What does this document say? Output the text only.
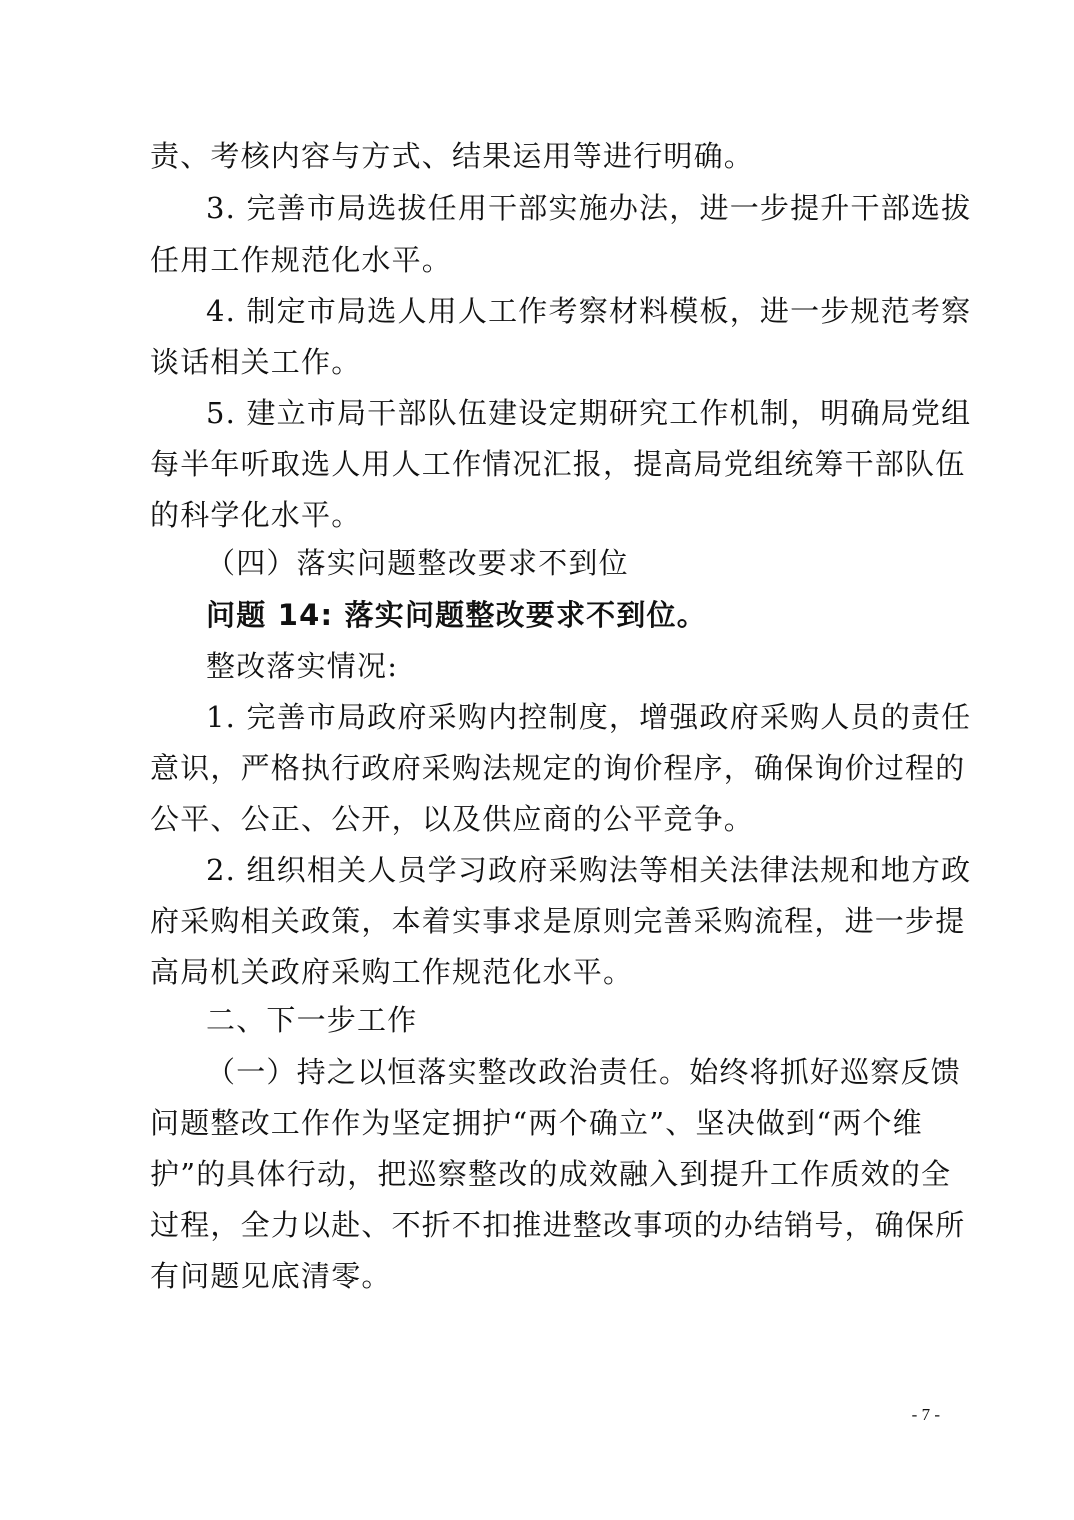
责、考核内容与方式、结果运用等进行明确。
3. 完善市局选拔任用干部实施办法，进一步提升干部选拔
任用工作规范化水平。
4. 制定市局选人用人工作考察材料模板，进一步规范考察
谈话相关工作。
5. 建立市局干部队伍建设定期研究工作机制，明确局党组
每半年听取选人用人工作情况汇报，提高局党组统筹干部队伍
的科学化水平。
（四）落实问题整改要求不到位
问题 14: 落实问题整改要求不到位。
整改落实情况:
1. 完善市局政府采购内控制度，增强政府采购人员的责任
意识，严格执行政府采购法规定的询价程序，确保询价过程的
公平、公正、公开，以及供应商的公平竞争。
2. 组织相关人员学习政府采购法等相关法律法规和地方政
府采购相关政策，本着实事求是原则完善采购流程，进一步提
高局机关政府采购工作规范化水平。
二、下一步工作
（一）持之以恒落实整改政治责任。始终将抓好巡察反馈
问题整改工作作为坚定拥护“两个确立”、坚决做到“两个维
护”的具体行动，把巡察整改的成效融入到提升工作质效的全
过程，全力以赴、不折不扣推进整改事项的办结销号，确保所
有问题见底清零。
- 7 -
